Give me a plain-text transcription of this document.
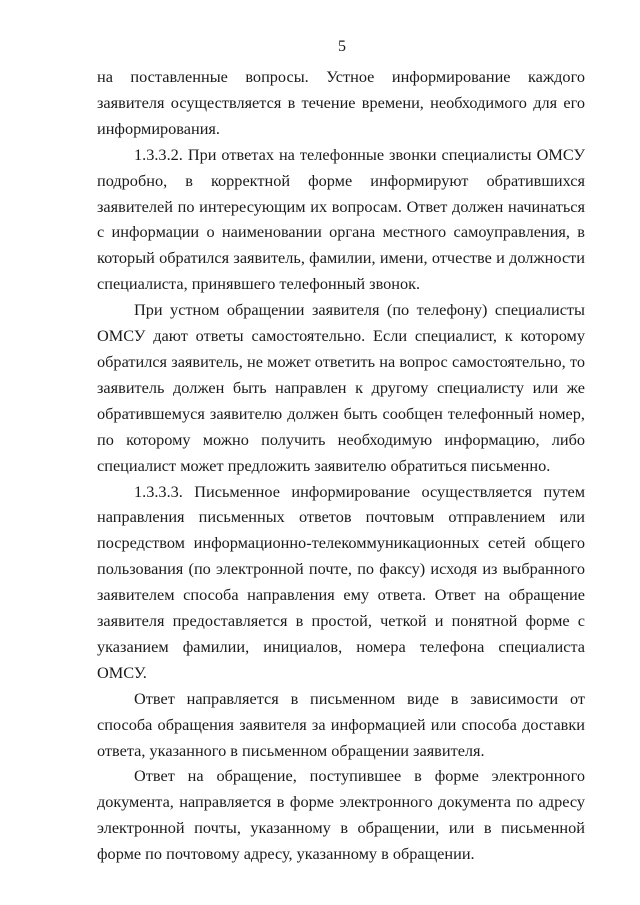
5

на поставленные вопросы. Устное информирование каждого заявителя осуществляется в течение времени, необходимого для его информирования.

1.3.3.2. При ответах на телефонные звонки специалисты ОМСУ подробно, в корректной форме информируют обратившихся заявителей по интересующим их вопросам. Ответ должен начинаться с информации о наименовании органа местного самоуправления, в который обратился заявитель, фамилии, имени, отчестве и должности специалиста, принявшего телефонный звонок.

При устном обращении заявителя (по телефону) специалисты ОМСУ дают ответы самостоятельно. Если специалист, к которому обратился заявитель, не может ответить на вопрос самостоятельно, то заявитель должен быть направлен к другому специалисту или же обратившемуся заявителю должен быть сообщен телефонный номер, по которому можно получить необходимую информацию, либо специалист может предложить заявителю обратиться письменно.

1.3.3.3. Письменное информирование осуществляется путем направления письменных ответов почтовым отправлением или посредством информационно-телекоммуникационных сетей общего пользования (по электронной почте, по факсу) исходя из выбранного заявителем способа направления ему ответа. Ответ на обращение заявителя предоставляется в простой, четкой и понятной форме с указанием фамилии, инициалов, номера телефона специалиста ОМСУ.

Ответ направляется в письменном виде в зависимости от способа обращения заявителя за информацией или способа доставки ответа, указанного в письменном обращении заявителя.

Ответ на обращение, поступившее в форме электронного документа, направляется в форме электронного документа по адресу электронной почты, указанному в обращении, или в письменной форме по почтовому адресу, указанному в обращении.
